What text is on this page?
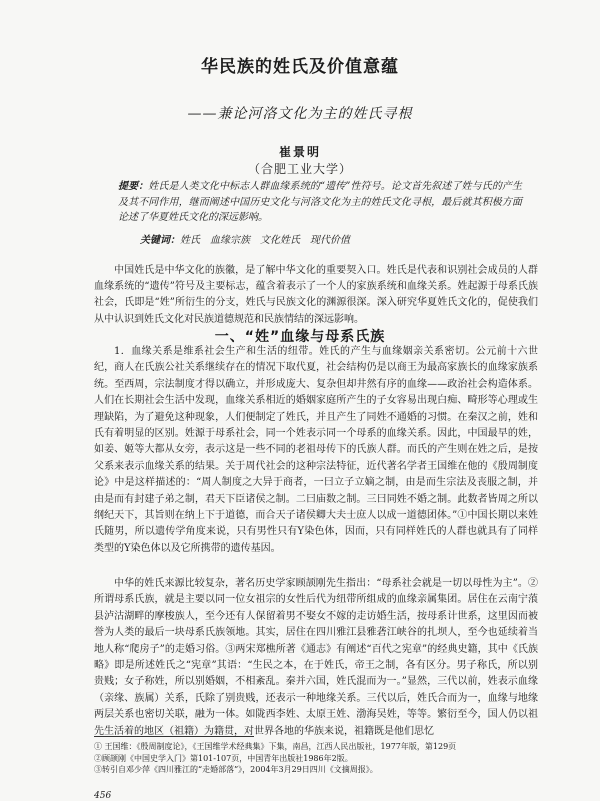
华民族的姓氏及价值意蕴
——兼论河洛文化为主的姓氏寻根
崔景明
（合肥工业大学）
提要：姓氏是人类文化中标志人群血缘系统的“遗传”性符号。论文首先叙述了姓与氏的产生及其不同作用，继而阐述中国历史文化与河洛文化为主的姓氏文化寻根，最后就其积极方面论述了华夏姓氏文化的深远影响。
关键词：姓氏　血缘宗族　文化姓氏　现代价值
中国姓氏是中华文化的族徽，是了解中华文化的重要契入口。姓氏是代表和识别社会成员的人群血缘系统的“遗传”符号及主要标志，蕴含着表示了一个人的家族系统和血缘关系。姓起源于母系氏族社会，氏即是“姓”所衍生的分支，姓氏与民族文化的渊源很深。深入研究华夏姓氏文化的，促使我们从中认识到姓氏文化对民族道德规范和民族情结的深远影响。
一、“姓”血缘与母系氏族
1．血缘关系是维系社会生产和生活的纽带。姓氏的产生与血缘姻亲关系密切。公元前十六世纪，商人在氏族公社关系继续存在的情况下取代夏，社会结构仍是以商王为最高家族长的血缘家族系统。至西周，宗法制度才得以确立，并形成庞大、复杂但却井然有序的血缘——政治社会构造体系。人们在长期社会生活中发现，血缘关系相近的婚姻家庭所产生的子女容易出现白痴、畸形等心理或生理缺陷，为了避免这种现象，人们便制定了姓氏，并且产生了同姓不通婚的习惯。在秦汉之前，姓和氏有着明显的区别。姓源于母系社会，同一个姓表示同一个母系的血缘关系。因此，中国最早的姓，如姜、姬等大都从女旁，表示这是一些不同的老祖母传下的氏族人群。而氏的产生则在姓之后，是按父系来表示血缘关系的结果。关于周代社会的这种宗法特征，近代著名学者王国维在他的《殷周制度论》中是这样描述的：“周人制度之大异于商者，一曰立子立嫡之制，由是而生宗法及丧服之制，并由是而有封建子弟之制，君天下臣诸侯之制。二曰庙数之制。三曰同姓不婚之制。此数者皆周之所以纲纪天下，其旨则在纳上下于道德，而合天子诸侯卿大夫士庶人以成一道德团体。”①中国长期以来姓氏随男，所以遗传学角度来说，只有男性只有Y染色体，因而，只有同样姓氏的人群也就具有了同样类型的Y染色体以及它所携带的遗传基因。
中华的姓氏来源比较复杂，著名历史学家顾颉刚先生指出：“母系社会就是一切以母性为主”。②所谓母系氏族，就是主要以同一位女祖宗的女性后代为纽带所组成的血缘亲属集团。居住在云南宁蒗县泸沽湖畔的摩梭族人，至今还有人保留着男不娶女不嫁的走访婚生活，按母系计世系，这里因而被誉为人类的最后一块母系氏族领地。其实，居住在四川雅江县雅砻江峡谷的扎坝人，至今也延续着当地人称“爬房子”的走婚习俗。③两宋郑樵所著《通志》有阐述“百代之宪章”的经典史籍，其中《氏族略》即是所述姓氏之“宪章”其语：“生民之本，在于姓氏，帝王之制，各有区分。男子称氏，所以别贵贱；女子称姓，所以别婚姻，不相紊乱。秦并六国，姓氏混而为一。”显然，三代以前，姓表示血缘（亲缘、族属）关系，氏除了别贵贱，还表示一种地缘关系。三代以后，姓氏合而为一，血缘与地缘两层关系也密切关联，融为一体。如陇西李姓、太原王姓、渤海吴姓，等等。繁衍至今，国人仍以祖先生活着的地区（祖籍）为籍贯，对世界各地的华族来说，祖籍既是他们思忆
① 王国维：《殷周制度论》，《王国维学术经典集》下集，南昌，江西人民出版社，1977年版，第129页
②顾颉刚《中国史学入门》第101-107页，中国青年出版社1986年2版。
③转引自邓少萍《四川雅江的“走婚部落”》，2004年3月29日四川《文摘周报》。
456
